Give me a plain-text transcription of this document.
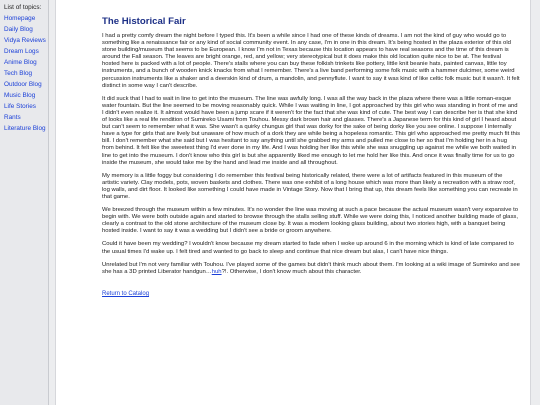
List of topics:
Homepage
Daily Blog
Vidya Reviews
Dream Logs
Anime Blog
Tech Blog
Outdoor Blog
Music Blog
Life Stories
Rants
Literature Blog
The Historical Fair

I had a pretty comfy dream the night before I typed this. It's been a while since I had one of these kinds of dreams. I am not the kind of guy who would go to something like a renaissance fair or any kind of social community event. In any case, I'm in one in this dream. It's being hosted in the plaza exterior of this old stone building/museum that seems to be European. I know I'm not in Texas because this location appears to have real seasons and the time of this dream is around the Fall season. The leaves are bright orange, red, and yellow; very stereotypical but it does make this old location quite nice to be at. The festival hosted here is packed with a lot of people. There's stalls where you can buy these folkish trinkets like pottery, little knit beanie hats, painted canvas, little toy instruments, and a bunch of wooden knick knacks from what I remember. There's a live band performing some folk music with a hammer dulcimer, some weird percussion instruments like a shaker and a deerskin kind of drum, a mandolin, and pennyflute. I want to say it was kind of like celtic folk music but it wasn't. It felt distinct in some way I can't describe.

It did suck that I had to wait in line to get into the museum. The line was awfully long. I was all the way back in the plaza where there was a little roman-esque water fountain. But the line seemed to be moving reasonably quick. While I was waiting in line, I got approached by this girl who was standing in front of me and I didn't even realize it. It almost would have been a jump scare if it weren't for the fact that she was kind of cute. The best way I can describe her is that she kind of looks like a real life rendition of Sumireko Usami from Touhou. Messy dark brown hair and glasses. There's a Japanese term for this kind of girl I heard about but can't seem to remember what it was. She wasn't a quirky chungus girl that was dorky for the sake of being dorky like you see online. I suppose I internally have a type for girls that are lively but unaware of how much of a dork they are while being a hopeless romantic. This girl who approached me pretty much fit this bill. I don't remember what she said but I was hesitant to say anything until she grabbed my arms and pulled me close to her so that I'm holding her in a hug from behind. It felt like the sweetest thing I'd ever done in my life. And I was holding her like this while she was snuggling up against me while we both waited in line to get into the museum. I don't know who this girl is but she apparently liked me enough to let me hold her like this. And once it was finally time for us to go inside the museum, she would take me by the hand and lead me inside and all throughout.

My memory is a little foggy but considering I do remember this festival being historically related, there were a lot of artifacts featured in this museum of the artistic variety. Clay models, pots, woven baskets and clothes. There was one exhibit of a long house which was more than likely a recreation with a straw roof, log walls, and dirt floor. It looked like something I could have made in Vintage Story. Now that I bring that up, this dream feels like something you can recreate in that game.

We breezed through the museum within a few minutes. It's no wonder the line was moving at such a pace because the actual museum wasn't very expansive to begin with. We were both outside again and started to browse through the stalls selling stuff. While we were doing this, I noticed another building made of glass, clearly a contrast to the old stone architecture of the museum close by. It was a modern looking glass building, about two stories high, with a banquet being hosted inside. I want to say it was a wedding but I didn't see a bride or groom anywhere.

Could it have been my wedding? I wouldn't know because my dream started to fade when I woke up around 6 in the morning which is kind of late compared to the usual times I'd wake up. I felt tired and wanted to go back to sleep and continue that nice dream but alas, I can't have nice things.

Unrelated but I'm not very familiar with Touhou. I've played some of the games but didn't think much about them. I'm looking at a wiki image of Sumireko and see she has a 3D printed Liberator handgun…huh?!. Otherwise, I don't know much about this character.

Return to Catalog
